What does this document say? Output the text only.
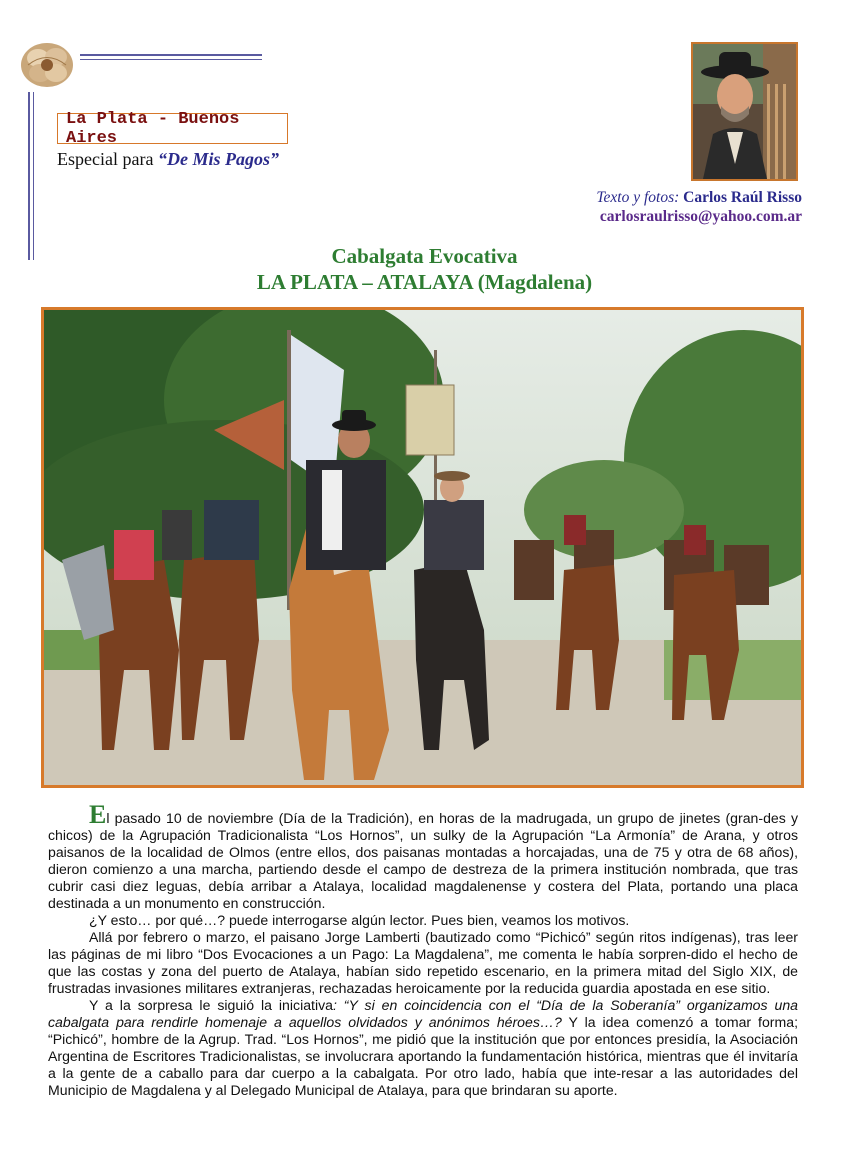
La Plata - Buenos Aires
Especial para “De Mis Pagos”
Texto y fotos: Carlos Raúl Risso
carlosraulrisso@yahoo.com.ar
Cabalgata Evocativa
LA PLATA – ATALAYA (Magdalena)

El pasado 10 de noviembre (Día de la Tradición), en horas de la madrugada, un grupo de jinetes (gran-des y chicos) de la Agrupación Tradicionalista “Los Hornos”, un sulky de la Agrupación “La Armonía” de Arana, y otros paisanos de la localidad de Olmos (entre ellos, dos paisanas montadas a horcajadas, una de 75 y otra de 68 años), dieron comienzo a una marcha, partiendo desde el campo de destreza de la primera institución nombrada, que tras cubrir casi diez leguas, debía arribar a Atalaya, localidad magdalenense y costera del Plata, portando una placa destinada a un monumento en construcción.

¿Y esto… por qué…? puede interrogarse algún lector. Pues bien, veamos los motivos.

Allá por febrero o marzo, el paisano Jorge Lamberti (bautizado como “Pichicó” según ritos indígenas), tras leer las páginas de mi libro “Dos Evocaciones a un Pago: La Magdalena”, me comenta le había sorpren-dido el hecho de que las costas y zona del puerto de Atalaya, habían sido repetido escenario, en la primera mitad del Siglo XIX, de frustradas invasiones militares extranjeras, rechazadas heroicamente por la reducida guardia apostada en ese sitio.

Y a la sorpresa le siguió la iniciativa: “Y si en coincidencia con el “Día de la Soberanía” organizamos una cabalgata para rendirle homenaje a aquellos olvidados y anónimos héroes…? Y la idea comenzó a tomar forma; “Pichicó”, hombre de la Agrup. Trad. “Los Hornos”, me pidió que la institución que por entonces presidía, la Asociación Argentina de Escritores Tradicionalistas, se involucrara aportando la fundamentación histórica, mientras que él invitaría a la gente de a caballo para dar cuerpo a la cabalgata. Por otro lado, había que inte-resar a las autoridades del Municipio de Magdalena y al Delegado Municipal de Atalaya, para que brindaran su aporte.
